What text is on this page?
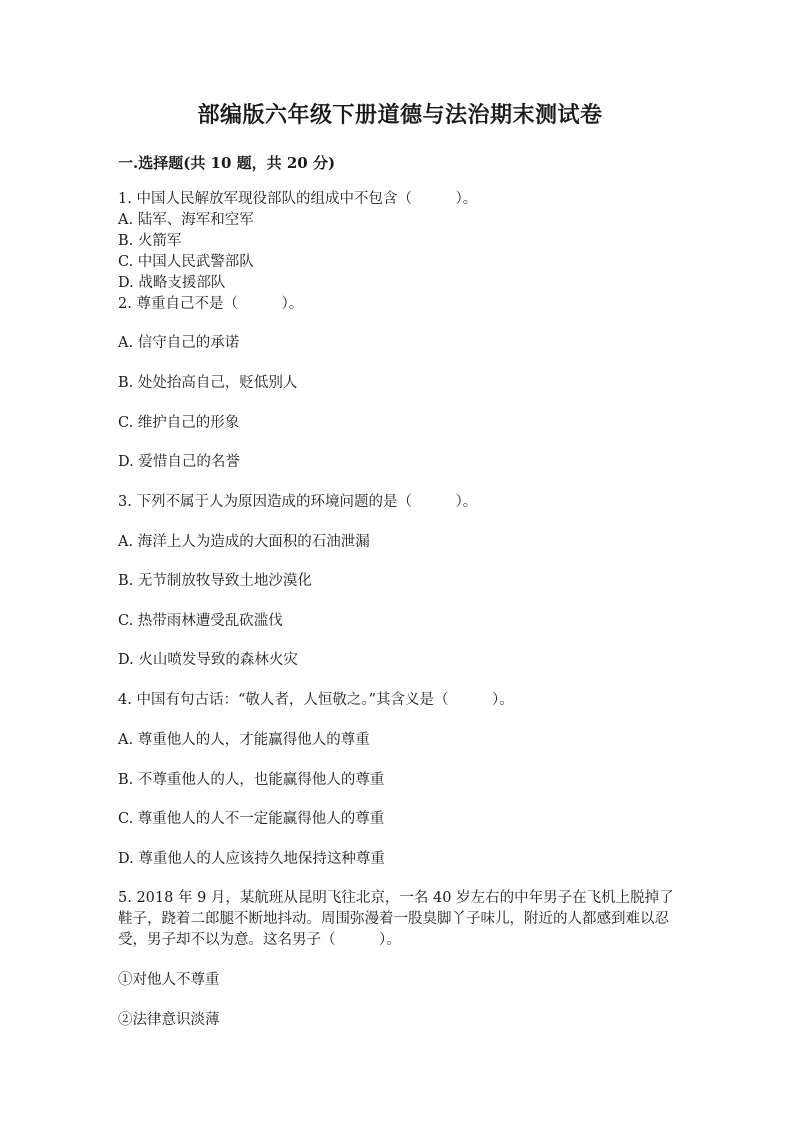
部编版六年级下册道德与法治期末测试卷
一.选择题(共 10 题，共 20 分)
1. 中国人民解放军现役部队的组成中不包含（　　　）。
A. 陆军、海军和空军
B. 火箭军
C. 中国人民武警部队
D. 战略支援部队
2. 尊重自己不是（　　　）。
A. 信守自己的承诺
B. 处处抬高自己，贬低别人
C. 维护自己的形象
D. 爱惜自己的名誉
3. 下列不属于人为原因造成的环境问题的是（　　　）。
A. 海洋上人为造成的大面积的石油泄漏
B. 无节制放牧导致土地沙漠化
C. 热带雨林遭受乱砍滥伐
D. 火山喷发导致的森林火灾
4. 中国有句古话：“敬人者，人恒敬之。”其含义是（　　　）。
A. 尊重他人的人，才能赢得他人的尊重
B. 不尊重他人的人，也能赢得他人的尊重
C. 尊重他人的人不一定能赢得他人的尊重
D. 尊重他人的人应该持久地保持这种尊重
5. 2018 年 9 月，某航班从昆明飞往北京，一名 40 岁左右的中年男子在飞机上脱掉了鞋子，跷着二郎腿不断地抖动。周围弥漫着一股臭脚丫子味儿，附近的人都感到难以忍受，男子却不以为意。这名男子（　　　）。
①对他人不尊重
②法律意识淡薄
